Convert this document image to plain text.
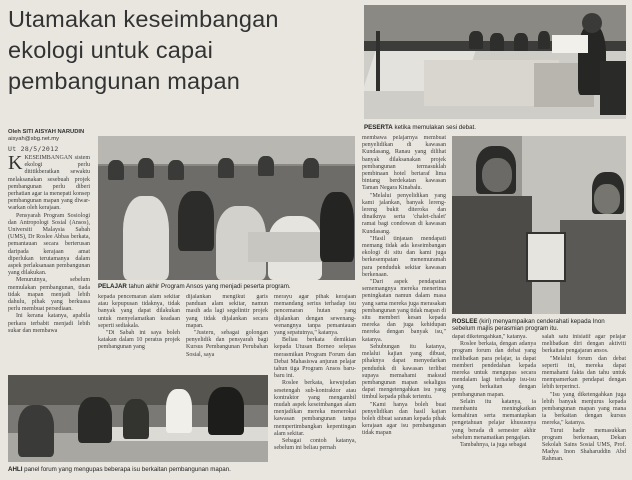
Utamakan keseimbangan
ekologi untuk capai
pembangunan mapan
PESERTA ketika memulakan sesi debat.
Oleh SITI AISYAH NARUDIN
aisyah@sbg.net.my
Ut 28/5/2012

KKESEIMBANGAN sistem ekologi perlu dititikberatkan sewaktu melaksanakan sesebuah projek pembangunan perlu diberi perhatian agar ia menepati konsep pembangunan mapan yang diwar-warkan oleh kerajaan.

Pensyarah Program Sosiologi dan Antropologi Sosial (Ansos), Universiti Malaysia Sabah (UMS), Dr Roslee Abbas berkata, pemantauan secara berterusan daripada kerajaan amat diperlukan terutamanya dalam aspek perlaksanaan pembangunan yang dilakukan.

Menurutnya, sebelum memulakan pembangunan, tiada tidak mapan menjadi lebih dahulu, pihak yang berkuasa perlu membuat persediaan.

Ini kerana katanya, apabila perkara terbabit menjadi lebih sukar dan membawa

PELAJAR tahun akhir Program Ansos yang menjadi peserta program.

kepada pencemaran alam sekitar atau kepupusan tidaknya, tidak banyak yang dapat dilakukan untuk menyelamatkan keadaan seperti sediakala.

"Di Sabah ini saya boleh katakan dalam 10 peratus projek pembangunan yang

dijalankan mengikut garis panduan alam sekitar, namun masih ada lagi segelintir projek yang tidak dijalankan secara mapan.

"Justeru, sebagai golongan penyelidik dan pensyarah bagi Kursus Pembangunan Perubahan Sosial, saya

merayu agar pihak kerajaan memandang serius terhadap isu pencemaran hutan yang dijalankan dengan sewenang-wenangnya tanpa pemantauan yang sepatutnya," katanya.

Beliau berkata demikian kepada Utusan Borneo selepas merasmikan Program Forum dan Debat Mahasiswa anjuran pelajar tahun tiga Program Ansos baru-baru ini.

Roslee berkata, kewujudan sesetengah sub-kontraktor atau kontraktor yang mengambil mudah aspek keseimbangan alam menjadikan mereka menerokai kawasan pembangunan tanpa mempertimbangkan kepentingan alam sekitar.

Sebagai contoh katanya, sebelum ini beliau pernah

AHLI panel forum yang mengupas beberapa isu berkaitan pembangunan mapan.

membawa pelajarnya membuat penyelidikan di kawasan Kundasang, Ranau yang dilihat banyak dilaksanakan projek pembangunan termasuklah pembinaan hotel bertaraf lima bintang berdekatan kawasan Taman Negara Kinabalu.

"Melalui penyelidikan yang kami jalankan, banyak lereng-lereng bukit diteroka dan dinaiknya serta 'chalet-chalet' ramai bagi condowan di kawasan Kundasang.

"Hasil tinjauan mendapati memang tidak ada keseimbangan ekologi di situ dan kami juga berkesempatan menemuramah para penduduk sekitar kawasan berkenaan.

"Dari aspek pendapatan sememangnya mereka menerima peningkatan namun dalam masa yang sama mereka juga merasakan pembangunan yang tidak mapan di situ memberi kesan kepada mereka dan juga kehidupan mereka dengan banyak isu," katanya.

Sehubungan itu katanya, melalui kajian yang dibuat, pihaknya dapat menyedarkan penduduk di kawasan terlibat supaya memahami maksud pembangunan mapan sekaligus dapat mengetengahkan isu yang timbul kepada pihak tertentu.

"Kami hanya boleh buat penyelidikan dan hasil kajian boleh dibuat saranan kepada pihak kerajaan agar isu pembangunan tidak mapan

ROSLEE (kiri) menyampaikan cenderahati kepada Inon sebelum majlis perasmian program itu.

dapat diketengahkan," katanya.

Roslee berkata, dengan adanya program forum dan debat yang melibatkan para pelajar, ia dapat memberi pendedahan kepada mereka untuk mengupas secara mendalam lagi terhadap isu-isu yang berkaitan dengan pembangunan mapan.

Selain itu katanya, ia membantu meningkatkan kemahiran serta memantapkan pengetahuan pelajar khususnya yang berada di semester akhir sebelum menamatkan pengajian.

Tambahnya, ia juga sebagai

salah satu inisiatif agar pelajar melibatkan diri dengan aktiviti berkaitan pengajaran ansos.

"Melalui forum dan debat seperti ini, mereka dapat memahami fakta dan tahu untuk mempamerkan pendapat dengan lebih terperinci.

"Isu yang diketengahkan juga lebih banyak menjurus kepada pembangunan mapan yang mana ia berkaitan dengan kursus mereka," katanya.

Turut hadir memasukkan program berkenaan, Dekan Sekolah Sains Sosial UMS, Prof. Madya Inon Shaharuddin Abd Rahman.
